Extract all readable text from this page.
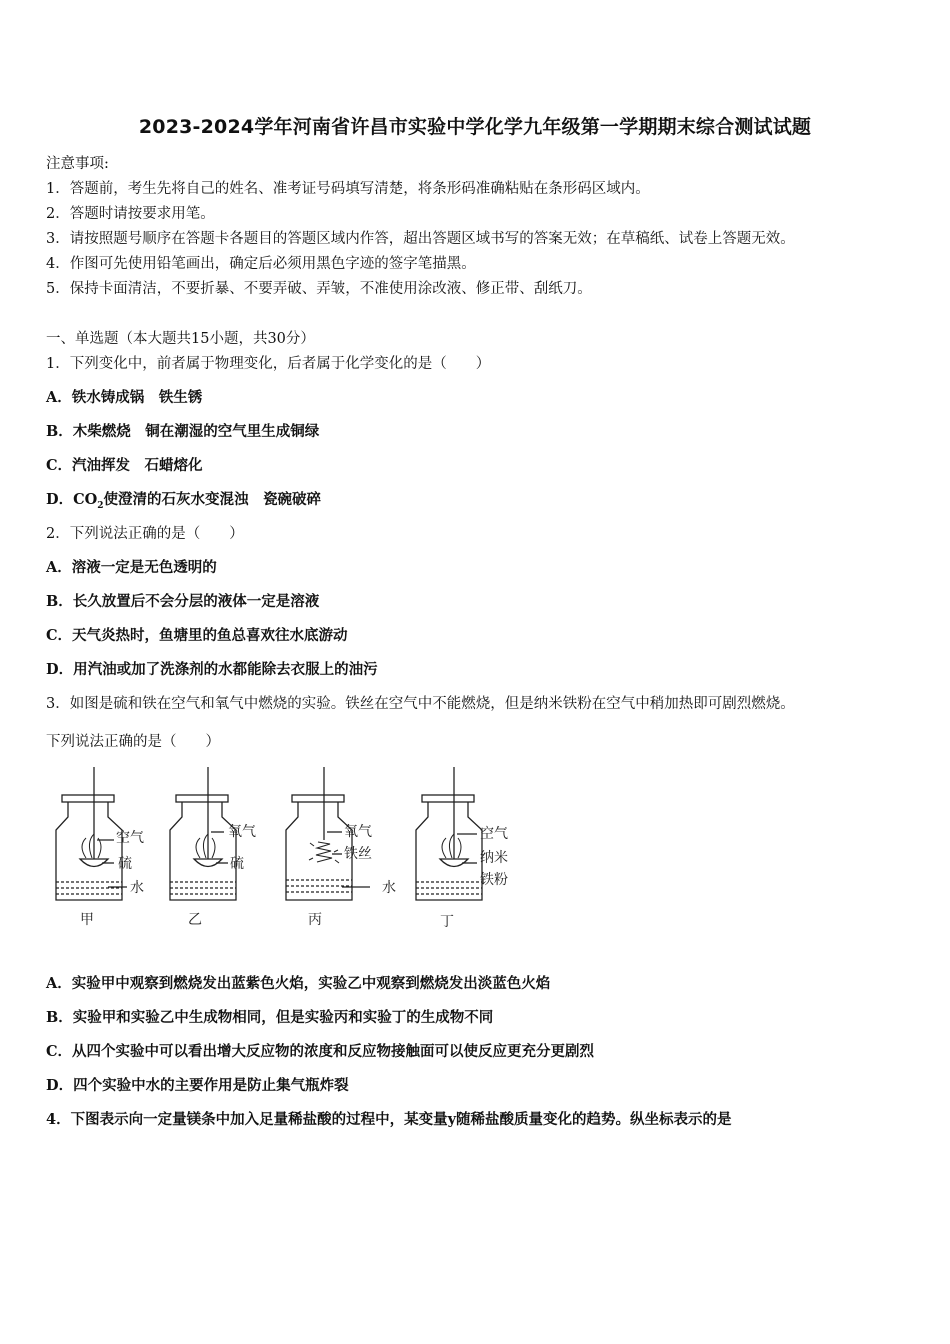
2023-2024学年河南省许昌市实验中学化学九年级第一学期期末综合测试试题
注意事项:
1．答题前，考生先将自己的姓名、准考证号码填写清楚，将条形码准确粘贴在条形码区域内。
2．答题时请按要求用笔。
3．请按照题号顺序在答题卡各题目的答题区域内作答，超出答题区域书写的答案无效；在草稿纸、试卷上答题无效。
4．作图可先使用铅笔画出，确定后必须用黑色字迹的签字笔描黑。
5．保持卡面清洁，不要折暴、不要弄破、弄皱，不准使用涂改液、修正带、刮纸刀。
一、单选题（本大题共15小题，共30分）
1．下列变化中，前者属于物理变化，后者属于化学变化的是（　　）
A．铁水铸成锅　铁生锈
B．木柴燃烧　铜在潮湿的空气里生成铜绿
C．汽油挥发　石蜡熔化
D．$CO_2$使澄清的石灰水变混浊　瓷碗破碎
2．下列说法正确的是（　　）
A．溶液一定是无色透明的
B．长久放置后不会分层的液体一定是溶液
C．天气炎热时，鱼塘里的鱼总喜欢往水底游动
D．用汽油或加了洗涤剂的水都能除去衣服上的油污
3．如图是硫和铁在空气和氧气中燃烧的实验。铁丝在空气中不能燃烧，但是纳米铁粉在空气中稍加热即可剧烈燃烧。
下列说法正确的是（　　）
空气
硫
水
甲
氧气
硫
乙
氧气
铁丝
水
丙
空气
纳米
铁粉
丁
A．实验甲中观察到燃烧发出蓝紫色火焰，实验乙中观察到燃烧发出淡蓝色火焰
B．实验甲和实验乙中生成物相同，但是实验丙和实验丁的生成物不同
C．从四个实验中可以看出增大反应物的浓度和反应物接触面可以使反应更充分更剧烈
D．四个实验中水的主要作用是防止集气瓶炸裂
4．下图表示向一定量镁条中加入足量稀盐酸的过程中，某变量y随稀盐酸质量变化的趋势。纵坐标表示的是
